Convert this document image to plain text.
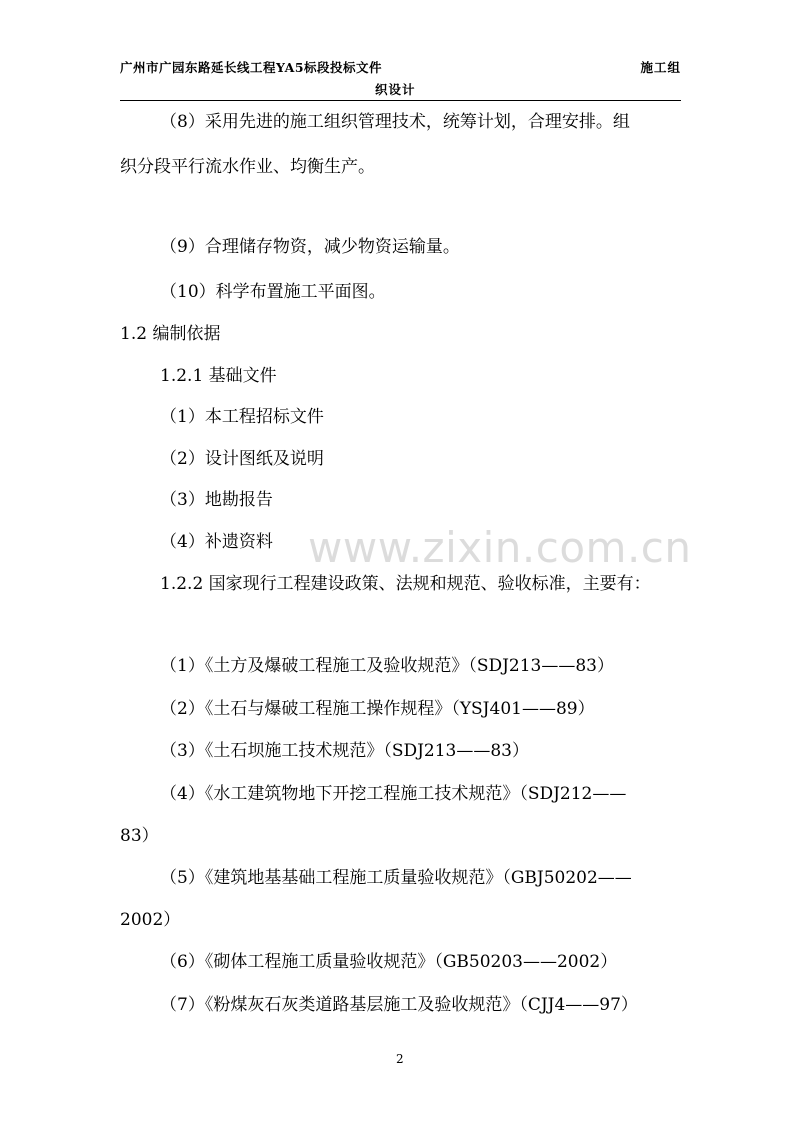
广州市广园东路延长线工程YA5标段投标文件	施工组
织设计
（8）采用先进的施工组织管理技术，统筹计划，合理安排。组
织分段平行流水作业、均衡生产。
（9）合理储存物资，减少物资运输量。
（10）科学布置施工平面图。
1.2 编制依据
1.2.1 基础文件
（1）本工程招标文件
（2）设计图纸及说明
（3）地勘报告
（4）补遗资料
1.2.2 国家现行工程建设政策、法规和规范、验收标准，主要有：
（1）《土方及爆破工程施工及验收规范》（SDJ213——83）
（2）《土石与爆破工程施工操作规程》（YSJ401——89）
（3）《土石坝施工技术规范》（SDJ213——83）
（4）《水工建筑物地下开挖工程施工技术规范》（SDJ212——
83）
（5）《建筑地基基础工程施工质量验收规范》（GBJ50202——
2002）
（6）《砌体工程施工质量验收规范》（GB50203——2002）
（7）《粉煤灰石灰类道路基层施工及验收规范》（CJJ4——97）
www.zixin.com.cn
2
